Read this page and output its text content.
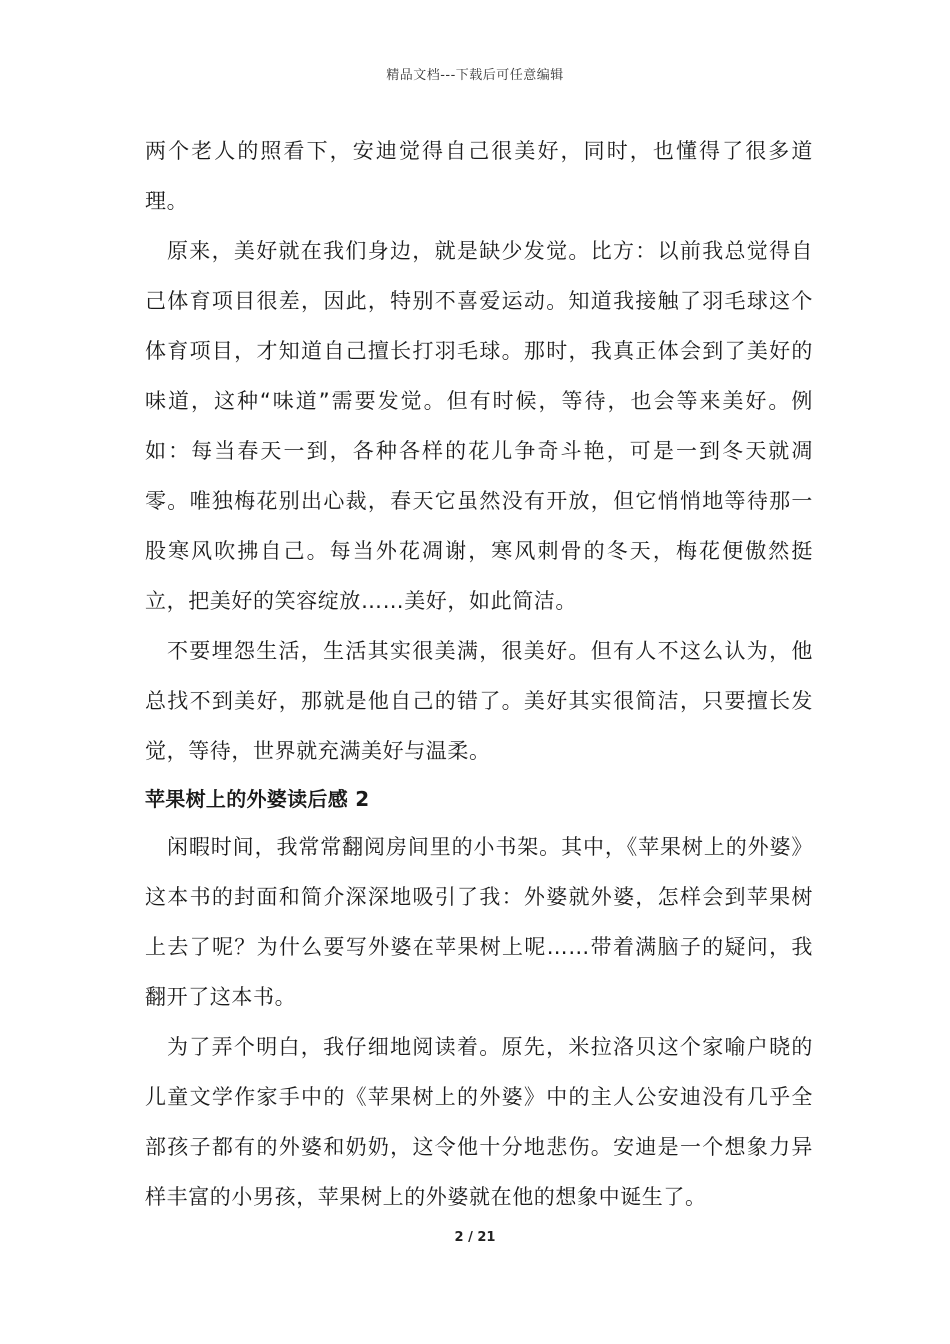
精品文档---下载后可任意编辑

两个老人的照看下，安迪觉得自己很美好，同时，也懂得了很多道理。

原来，美好就在我们身边，就是缺少发觉。比方：以前我总觉得自己体育项目很差，因此，特别不喜爱运动。知道我接触了羽毛球这个体育项目，才知道自己擅长打羽毛球。那时，我真正体会到了美好的味道，这种“味道”需要发觉。但有时候，等待，也会等来美好。例如：每当春天一到，各种各样的花儿争奇斗艳，可是一到冬天就凋零。唯独梅花别出心裁，春天它虽然没有开放，但它悄悄地等待那一股寒风吹拂自己。每当外花凋谢，寒风刺骨的冬天，梅花便傲然挺立，把美好的笑容绽放……美好，如此简洁。

不要埋怨生活，生活其实很美满，很美好。但有人不这么认为，他总找不到美好，那就是他自己的错了。美好其实很简洁，只要擅长发觉，等待，世界就充满美好与温柔。

苹果树上的外婆读后感 2

闲暇时间，我常常翻阅房间里的小书架。其中，《苹果树上的外婆》这本书的封面和简介深深地吸引了我：外婆就外婆，怎样会到苹果树上去了呢？为什么要写外婆在苹果树上呢……带着满脑子的疑问，我翻开了这本书。

为了弄个明白，我仔细地阅读着。原先，米拉洛贝这个家喻户晓的儿童文学作家手中的《苹果树上的外婆》中的主人公安迪没有几乎全部孩子都有的外婆和奶奶，这令他十分地悲伤。安迪是一个想象力异样丰富的小男孩，苹果树上的外婆就在他的想象中诞生了。

2 / 21
